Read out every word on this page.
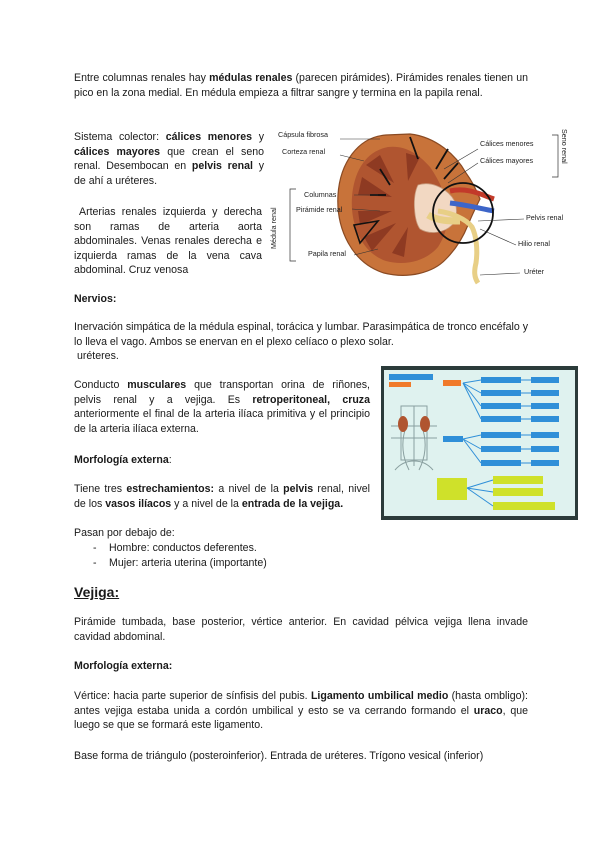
Entre columnas renales hay médulas renales (parecen pirámides). Pirámides renales tienen un pico en la zona medial. En médula empieza a filtrar sangre y termina en la papila renal.

Sistema colector: cálices menores y cálices mayores que crean el seno renal. Desembocan en pelvis renal y de ahí a uréteres.

Arterias renales izquierda y derecha son ramas de arteria aorta abdominales. Venas renales derecha e izquierda ramas de la vena cava abdominal. Cruz venosa

Cápsula fibrosa
Corteza renal
Columnas
Pirámide renal
Médula renal
Papila renal
Cálices menores
Cálices mayores	Seno renal
Pelvis renal
Hilio renal
Uréter

Nervios:

Inervación simpática de la médula espinal, torácica y lumbar. Parasimpática de tronco encéfalo y lo lleva el vago. Ambos se enervan en el plexo celíaco o plexo solar.

uréteres.

Conducto musculares que transportan orina de riñones, pelvis renal y a vejiga. Es retroperitoneal, cruza anteriormente el final de la arteria ilíaca primitiva y el principio de la arteria ilíaca externa.

Morfología externa:

Tiene tres estrechamientos: a nivel de la pelvis renal, nivel de los vasos ilíacos y a nivel de la entrada de la vejiga.

Pasan por debajo de:

- Hombre: conductos deferentes.
- Mujer: arteria uterina (importante)

Vejiga:

Pirámide tumbada, base posterior, vértice anterior. En cavidad pélvica vejiga llena invade cavidad abdominal.

Morfología externa:

Vértice: hacia parte superior de sínfisis del pubis. Ligamento umbilical medio (hasta ombligo): antes vejiga estaba unida a cordón umbilical y esto se va cerrando formando el uraco, que luego se que se formará este ligamento.

Base forma de triángulo (posteroinferior). Entrada de uréteres. Trígono vesical (inferior)
